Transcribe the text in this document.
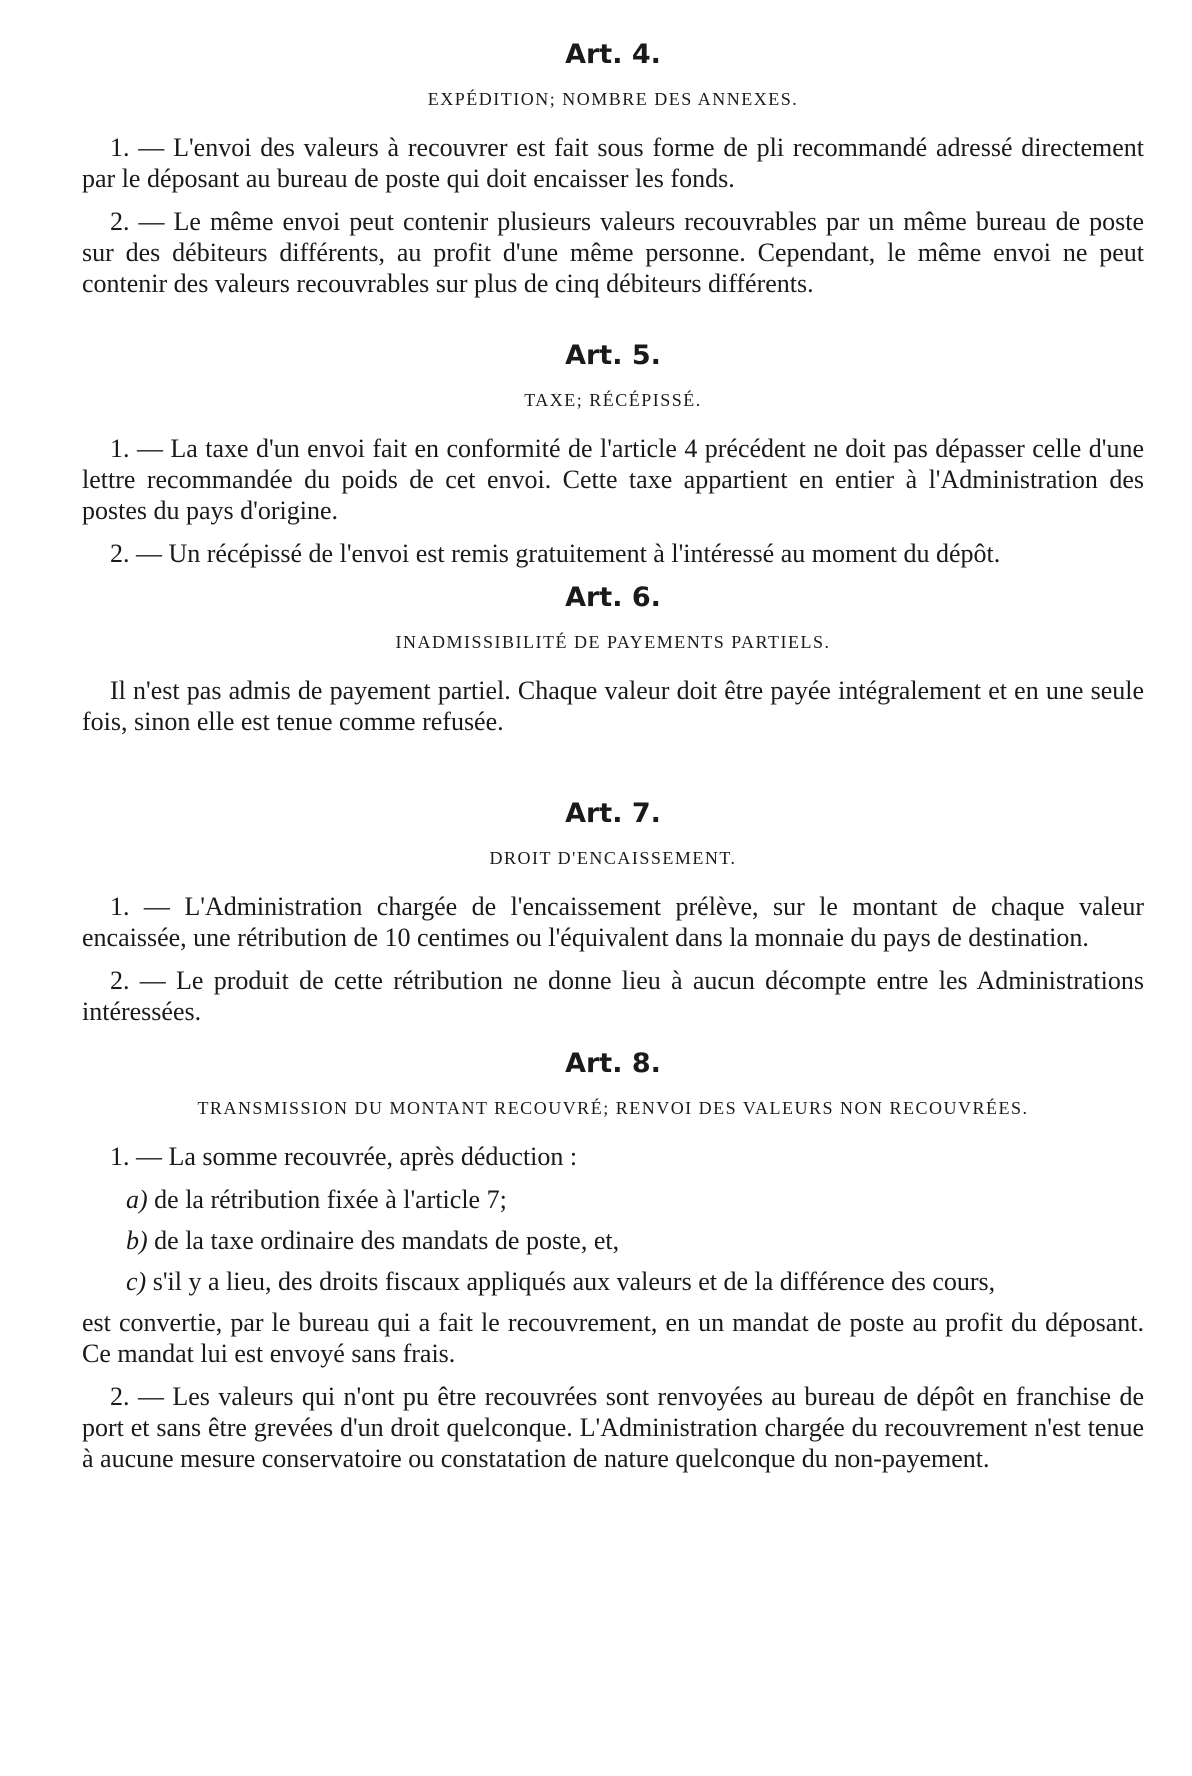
Art. 4.
EXPÉDITION; NOMBRE DES ANNEXES.

1. — L'envoi des valeurs à recouvrer est fait sous forme de pli recommandé adressé directement par le déposant au bureau de poste qui doit encaisser les fonds.

2. — Le même envoi peut contenir plusieurs valeurs recouvrables par un même bureau de poste sur des débiteurs différents, au profit d'une même personne. Cependant, le même envoi ne peut contenir des valeurs recouvrables sur plus de cinq débiteurs différents.

Art. 5.
TAXE; RÉCÉPISSÉ.

1. — La taxe d'un envoi fait en conformité de l'article 4 précédent ne doit pas dépasser celle d'une lettre recommandée du poids de cet envoi. Cette taxe appartient en entier à l'Administration des postes du pays d'origine.

2. — Un récépissé de l'envoi est remis gratuitement à l'intéressé au moment du dépôt.

Art. 6.
INADMISSIBILITÉ DE PAYEMENTS PARTIELS.

Il n'est pas admis de payement partiel. Chaque valeur doit être payée intégralement et en une seule fois, sinon elle est tenue comme refusée.

Art. 7.
DROIT D'ENCAISSEMENT.

1. — L'Administration chargée de l'encaissement prélève, sur le montant de chaque valeur encaissée, une rétribution de 10 centimes ou l'équivalent dans la monnaie du pays de destination.

2. — Le produit de cette rétribution ne donne lieu à aucun décompte entre les Administrations intéressées.

Art. 8.
TRANSMISSION DU MONTANT RECOUVRÉ; RENVOI DES VALEURS NON RECOUVRÉES.

1. — La somme recouvrée, après déduction :

a) de la rétribution fixée à l'article 7;
b) de la taxe ordinaire des mandats de poste, et,
c) s'il y a lieu, des droits fiscaux appliqués aux valeurs et de la différence des cours,

est convertie, par le bureau qui a fait le recouvrement, en un mandat de poste au profit du déposant. Ce mandat lui est envoyé sans frais.

2. — Les valeurs qui n'ont pu être recouvrées sont renvoyées au bureau de dépôt en franchise de port et sans être grevées d'un droit quelconque. L'Administration chargée du recouvrement n'est tenue à aucune mesure conservatoire ou constatation de nature quelconque du non-payement.
